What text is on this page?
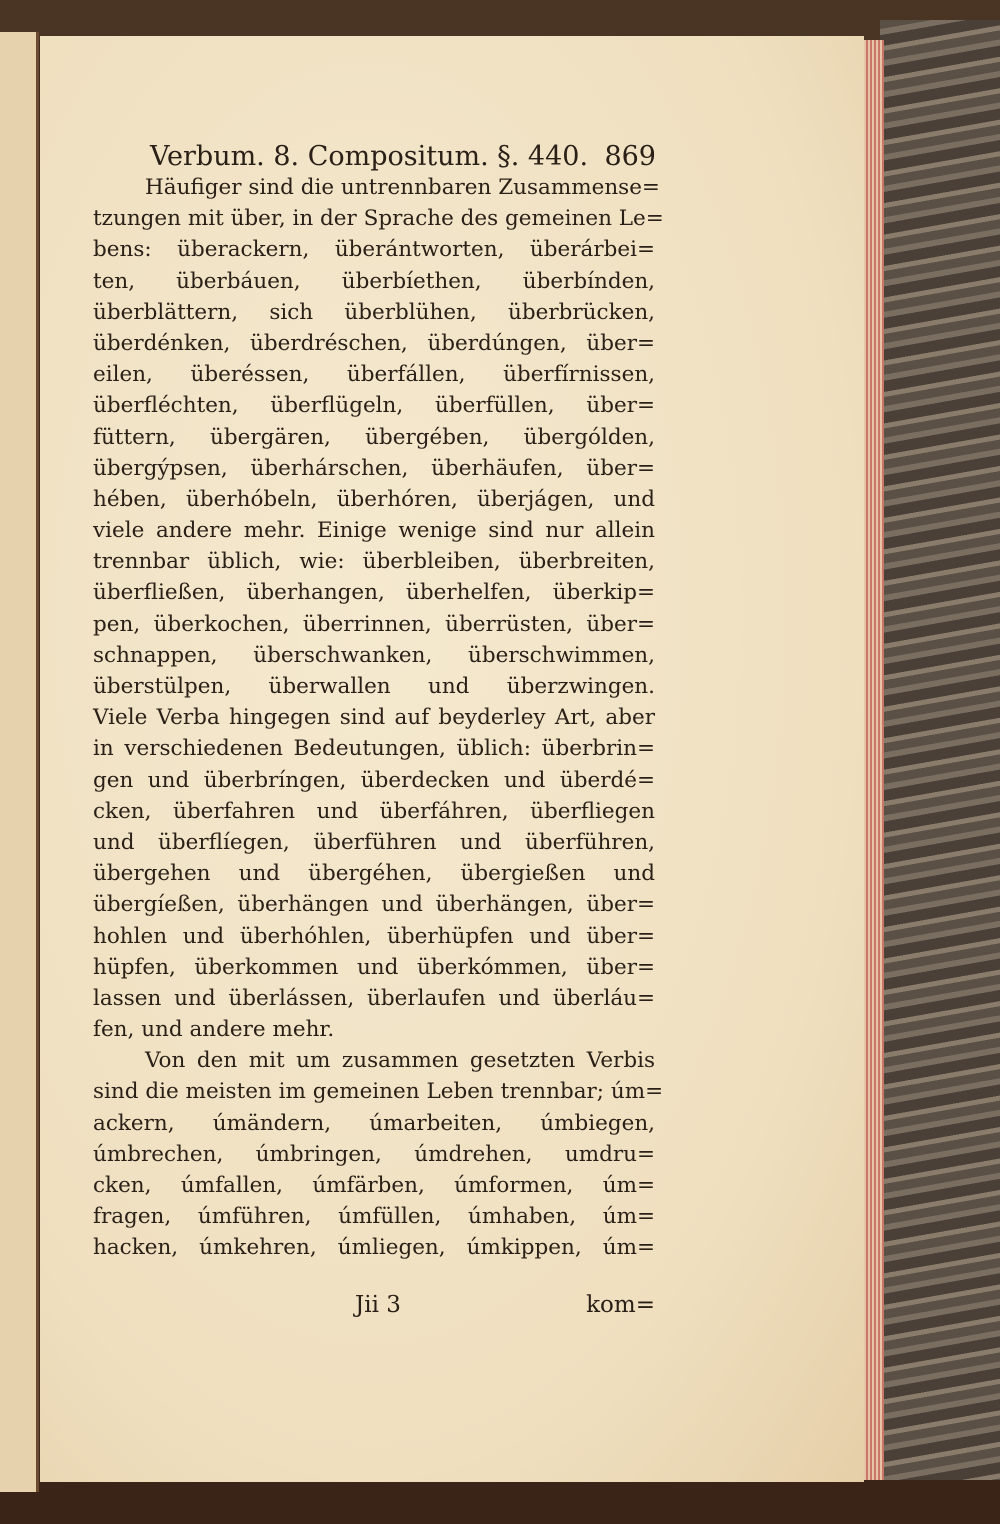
Verbum. 8. Compositum. §. 440. 869
Häufiger sind die untrennbaren Zusammense=
tzungen mit über, in der Sprache des gemeinen Le=
bens: überackern, überántworten, überárbei=
ten, überbáuen, überbíethen, überbínden,
überblättern, sich überblühen, überbrücken,
überdénken, überdréschen, überdúngen, über=
eilen, überéssen, überfállen, überfírnissen,
überfléchten, überflügeln, überfüllen, über=
füttern, übergären, übergében, übergólden,
übergýpsen, überhárschen, überhäufen, über=
hében, überhóbeln, überhóren, überjágen, und
viele andere mehr. Einige wenige sind nur allein
trennbar üblich, wie: überbleiben, überbreiten,
überfließen, überhangen, überhelfen, überkip=
pen, überkochen, überrinnen, überrüsten, über=
schnappen, überschwanken, überschwimmen,
überstülpen, überwallen und überzwingen.
Viele Verba hingegen sind auf beyderley Art, aber
in verschiedenen Bedeutungen, üblich: überbrin=
gen und überbríngen, überdecken und überdé=
cken, überfahren und überfáhren, überfliegen
und überflíegen, überführen und überführen,
übergehen und übergéhen, übergießen und
übergíeßen, überhängen und überhängen, über=
hohlen und überhóhlen, überhüpfen und über=
hüpfen, überkommen und überkómmen, über=
lassen und überlássen, überlaufen und überláu=
fen, und andere mehr.
Von den mit um zusammen gesetzten Verbis
sind die meisten im gemeinen Leben trennbar; úm=
ackern, úmändern, úmarbeiten, úmbiegen,
úmbrechen, úmbringen, úmdrehen, umdru=
cken, úmfallen, úmfärben, úmformen, úm=
fragen, úmführen, úmfüllen, úmhaben, úm=
hacken, úmkehren, úmliegen, úmkippen, úm=
Jii 3	kom=
